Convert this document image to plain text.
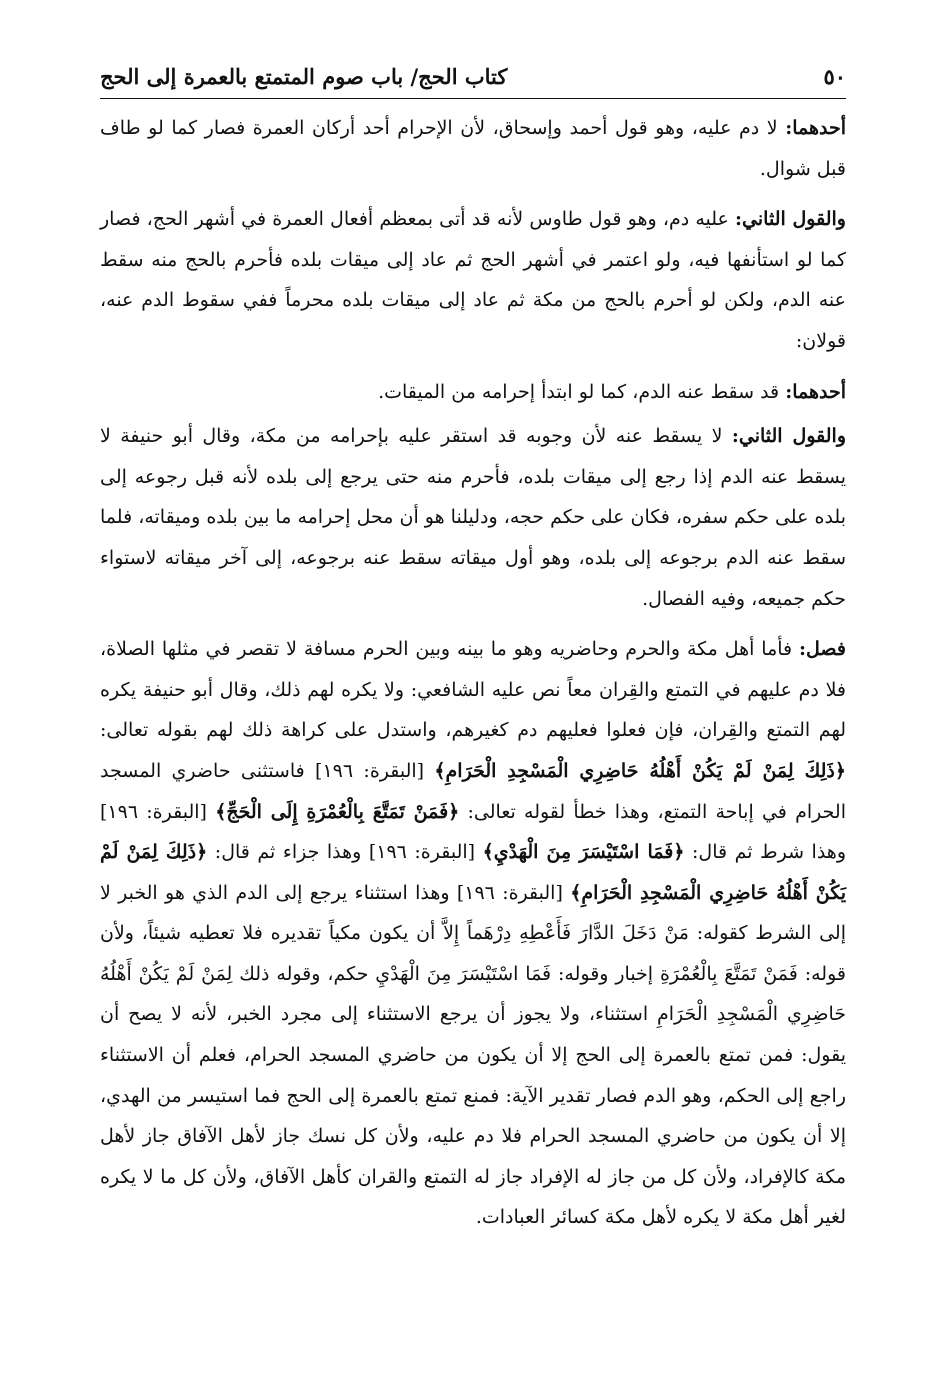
٥٠
كتاب الحج/ باب صوم المتمتع بالعمرة إلى الحج

أحدهما: لا دم عليه، وهو قول أحمد وإسحاق، لأن الإحرام أحد أركان العمرة فصار كما لو طاف قبل شوال.

والقول الثاني: عليه دم، وهو قول طاوس لأنه قد أتى بمعظم أفعال العمرة في أشهر الحج، فصار كما لو استأنفها فيه، ولو اعتمر في أشهر الحج ثم عاد إلى ميقات بلده فأحرم بالحج منه سقط عنه الدم، ولكن لو أحرم بالحج من مكة ثم عاد إلى ميقات بلده محرماً ففي سقوط الدم عنه، قولان:

أحدهما: قد سقط عنه الدم، كما لو ابتدأ إحرامه من الميقات.

والقول الثاني: لا يسقط عنه لأن وجوبه قد استقر عليه بإحرامه من مكة، وقال أبو حنيفة لا يسقط عنه الدم إذا رجع إلى ميقات بلده، فأحرم منه حتى يرجع إلى بلده لأنه قبل رجوعه إلى بلده على حكم سفره، فكان على حكم حجه، ودليلنا هو أن محل إحرامه ما بين بلده وميقاته، فلما سقط عنه الدم برجوعه إلى بلده، وهو أول ميقاته سقط عنه برجوعه، إلى آخر ميقاته لاستواء حكم جميعه، وفيه الفصال.

فصل: فأما أهل مكة والحرم وحاضريه وهو ما بينه وبين الحرم مسافة لا تقصر في مثلها الصلاة، فلا دم عليهم في التمتع والقِران معاً نص عليه الشافعي: ولا يكره لهم ذلك، وقال أبو حنيفة يكره لهم التمتع والقِران، فإن فعلوا فعليهم دم كغيرهم، واستدل على كراهة ذلك لهم بقوله تعالى: ﴿ذَلِكَ لِمَنْ لَمْ يَكُنْ أَهْلُهُ حَاضِرِي الْمَسْجِدِ الْحَرَامِ﴾ [البقرة: ١٩٦] فاستثنى حاضري المسجد الحرام في إباحة التمتع، وهذا خطأ لقوله تعالى: ﴿فَمَنْ تَمَتَّعَ بِالْعُمْرَةِ إِلَى الْحَجِّ﴾ [البقرة: ١٩٦] وهذا شرط ثم قال: ﴿فَمَا اسْتَيْسَرَ مِنَ الْهَدْيِ﴾ [البقرة: ١٩٦] وهذا جزاء ثم قال: ﴿ذَلِكَ لِمَنْ لَمْ يَكُنْ أَهْلُهُ حَاضِرِي الْمَسْجِدِ الْحَرَامِ﴾ [البقرة: ١٩٦] وهذا استثناء يرجع إلى الدم الذي هو الخبر لا إلى الشرط كقوله: مَنْ دَخَلَ الدَّارَ فَأَعْطِهِ دِرْهَماً إِلاَّ أن يكون مكياً تقديره فلا تعطيه شيئاً، ولأن قوله: فَمَنْ تَمَتَّعَ بِالْعُمْرَةِ إخبار وقوله: فَمَا اسْتَيْسَرَ مِنَ الْهَدْيِ حكم، وقوله ذلك لِمَنْ لَمْ يَكُنْ أَهْلُهُ حَاضِرِي الْمَسْجِدِ الْحَرَامِ استثناء، ولا يجوز أن يرجع الاستثناء إلى مجرد الخبر، لأنه لا يصح أن يقول: فمن تمتع بالعمرة إلى الحج إلا أن يكون من حاضري المسجد الحرام، فعلم أن الاستثناء راجع إلى الحكم، وهو الدم فصار تقدير الآية: فمنع تمتع بالعمرة إلى الحج فما استيسر من الهدي، إلا أن يكون من حاضري المسجد الحرام فلا دم عليه، ولأن كل نسك جاز لأهل الآفاق جاز لأهل مكة كالإفراد، ولأن كل من جاز له الإفراد جاز له التمتع والقران كأهل الآفاق، ولأن كل ما لا يكره لغير أهل مكة لا يكره لأهل مكة كسائر العبادات.
